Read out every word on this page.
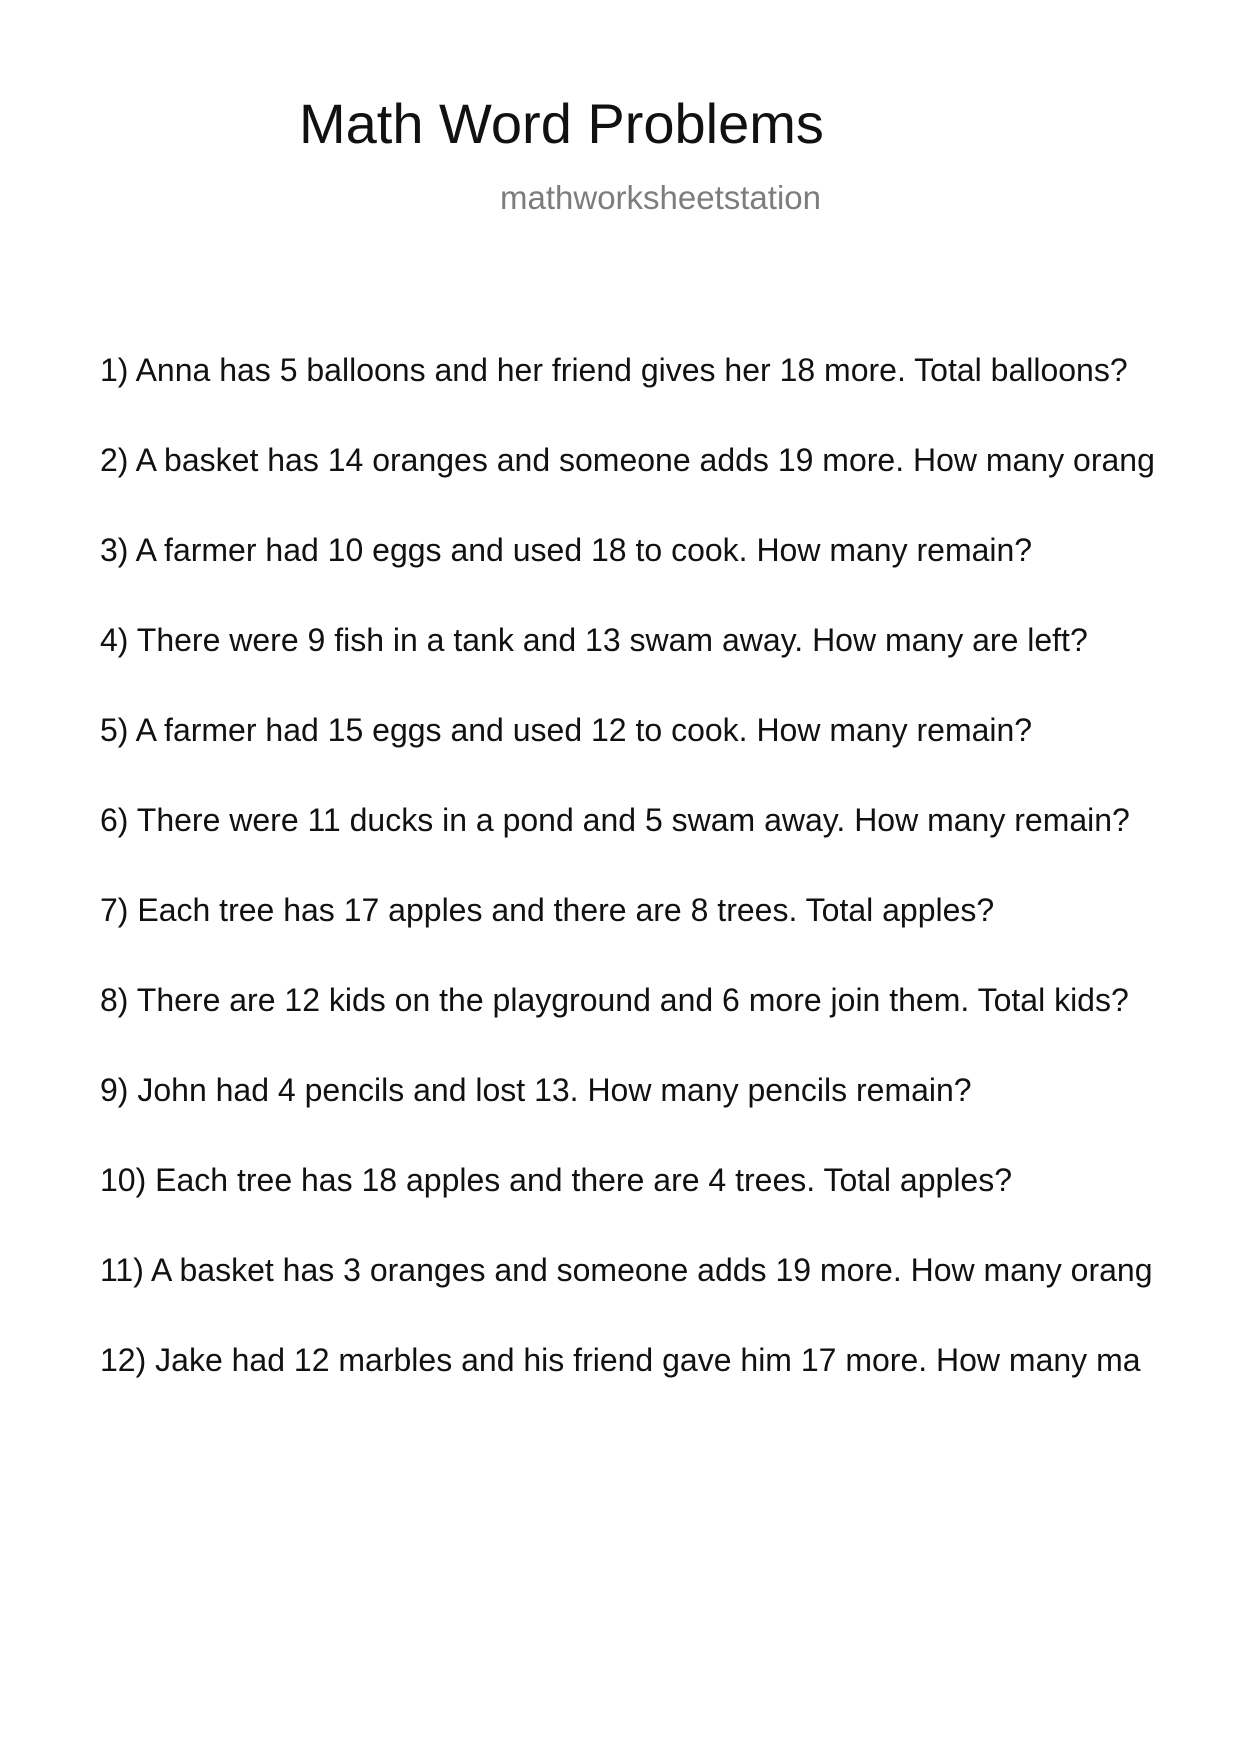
Math Word Problems
mathworksheetstation
1) Anna has 5 balloons and her friend gives her 18 more. Total balloons?
2) A basket has 14 oranges and someone adds 19 more. How many orang
3) A farmer had 10 eggs and used 18 to cook. How many remain?
4) There were 9 fish in a tank and 13 swam away. How many are left?
5) A farmer had 15 eggs and used 12 to cook. How many remain?
6) There were 11 ducks in a pond and 5 swam away. How many remain?
7) Each tree has 17 apples and there are 8 trees. Total apples?
8) There are 12 kids on the playground and 6 more join them. Total kids?
9) John had 4 pencils and lost 13. How many pencils remain?
10) Each tree has 18 apples and there are 4 trees. Total apples?
11) A basket has 3 oranges and someone adds 19 more. How many orang
12) Jake had 12 marbles and his friend gave him 17 more. How many ma
